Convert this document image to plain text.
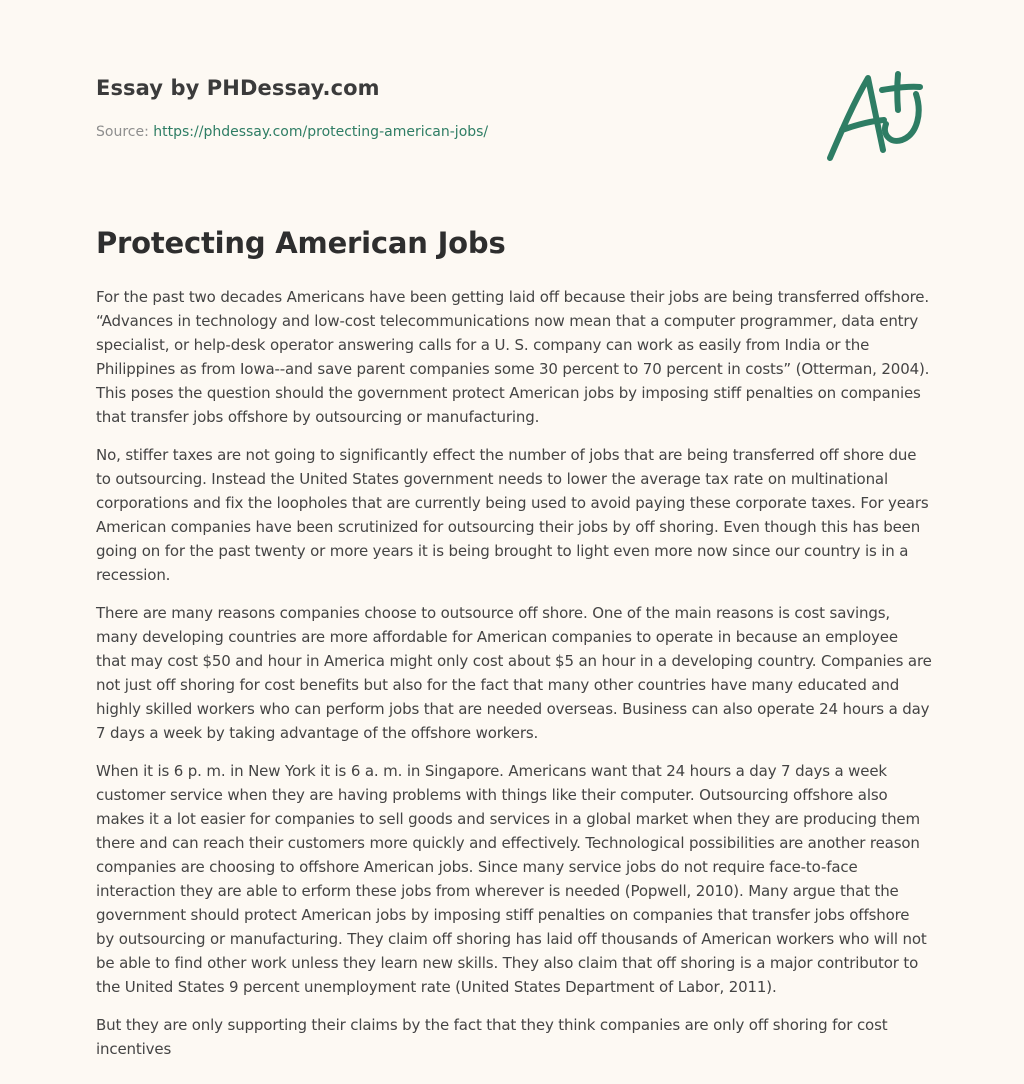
Essay by PHDessay.com
Source: https://phdessay.com/protecting-american-jobs/
Protecting American Jobs

For the past two decades Americans have been getting laid off because their jobs are being transferred offshore. “Advances in technology and low-cost telecommunications now mean that a computer programmer, data entry specialist, or help-desk operator answering calls for a U. S. company can work as easily from India or the Philippines as from Iowa--and save parent companies some 30 percent to 70 percent in costs” (Otterman, 2004). This poses the question should the government protect American jobs by imposing stiff penalties on companies that transfer jobs offshore by outsourcing or manufacturing.

No, stiffer taxes are not going to significantly effect the number of jobs that are being transferred off shore due to outsourcing. Instead the United States government needs to lower the average tax rate on multinational corporations and fix the loopholes that are currently being used to avoid paying these corporate taxes. For years American companies have been scrutinized for outsourcing their jobs by off shoring. Even though this has been going on for the past twenty or more years it is being brought to light even more now since our country is in a recession.

There are many reasons companies choose to outsource off shore. One of the main reasons is cost savings, many developing countries are more affordable for American companies to operate in because an employee that may cost $50 and hour in America might only cost about $5 an hour in a developing country. Companies are not just off shoring for cost benefits but also for the fact that many other countries have many educated and highly skilled workers who can perform jobs that are needed overseas. Business can also operate 24 hours a day 7 days a week by taking advantage of the offshore workers.

When it is 6 p. m. in New York it is 6 a. m. in Singapore. Americans want that 24 hours a day 7 days a week customer service when they are having problems with things like their computer. Outsourcing offshore also makes it a lot easier for companies to sell goods and services in a global market when they are producing them there and can reach their customers more quickly and effectively. Technological possibilities are another reason companies are choosing to offshore American jobs. Since many service jobs do not require face-to-face interaction they are able to erform these jobs from wherever is needed (Popwell, 2010). Many argue that the government should protect American jobs by imposing stiff penalties on companies that transfer jobs offshore by outsourcing or manufacturing. They claim off shoring has laid off thousands of American workers who will not be able to find other work unless they learn new skills. They also claim that off shoring is a major contributor to the United States 9 percent unemployment rate (United States Department of Labor, 2011).

But they are only supporting their claims by the fact that they think companies are only off shoring for cost incentives
